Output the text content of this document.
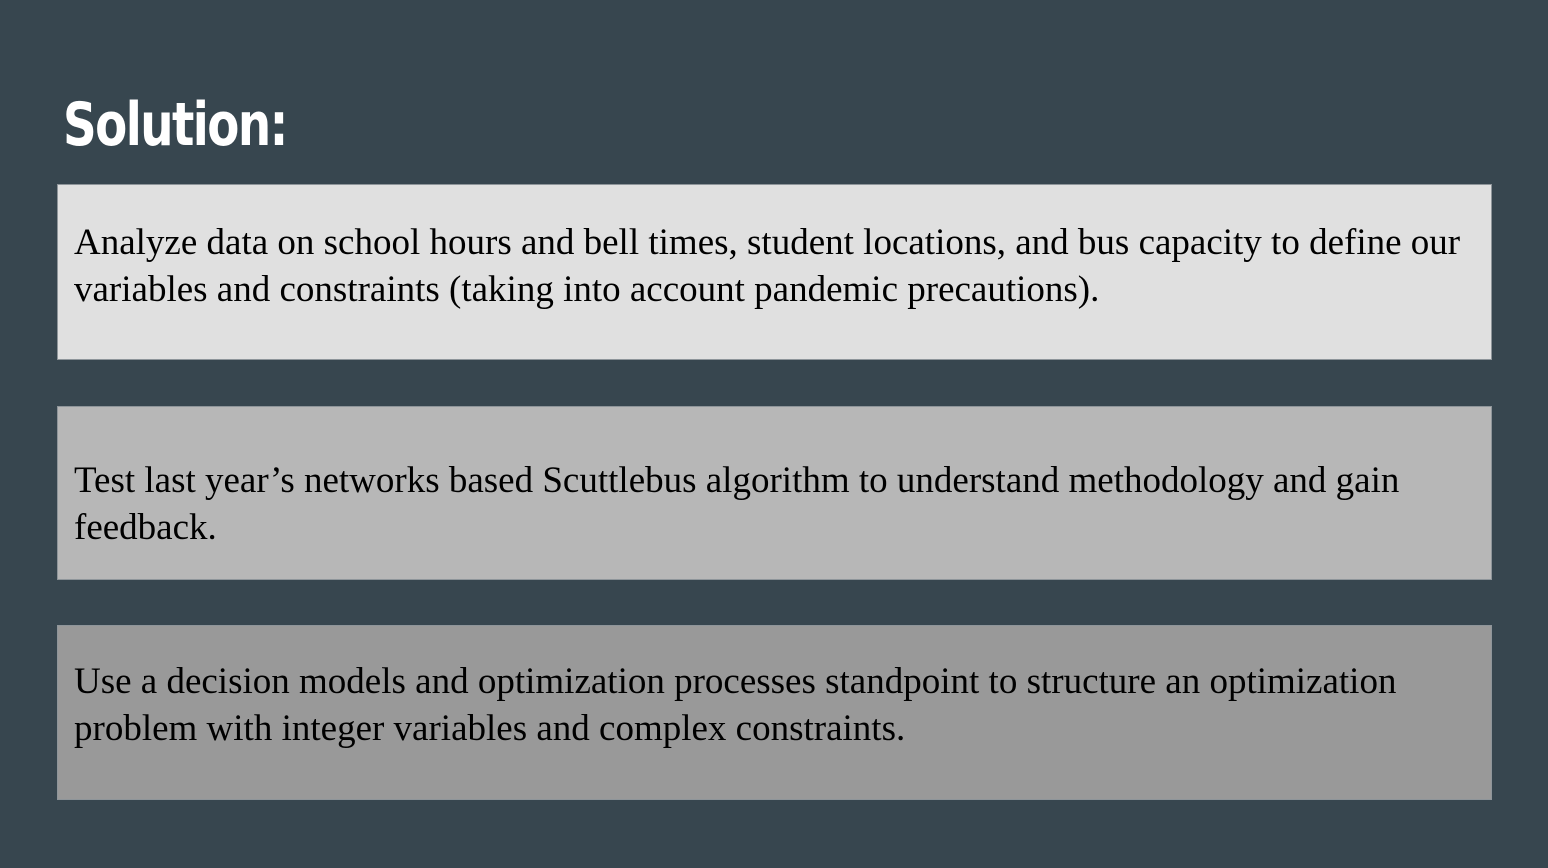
Solution:

Analyze data on school hours and bell times, student locations, and bus capacity to define our variables and constraints (taking into account pandemic precautions).

Test last year’s networks based Scuttlebus algorithm to understand methodology and gain feedback.

Use a decision models and optimization processes standpoint to structure an optimization problem with integer variables and complex constraints.
